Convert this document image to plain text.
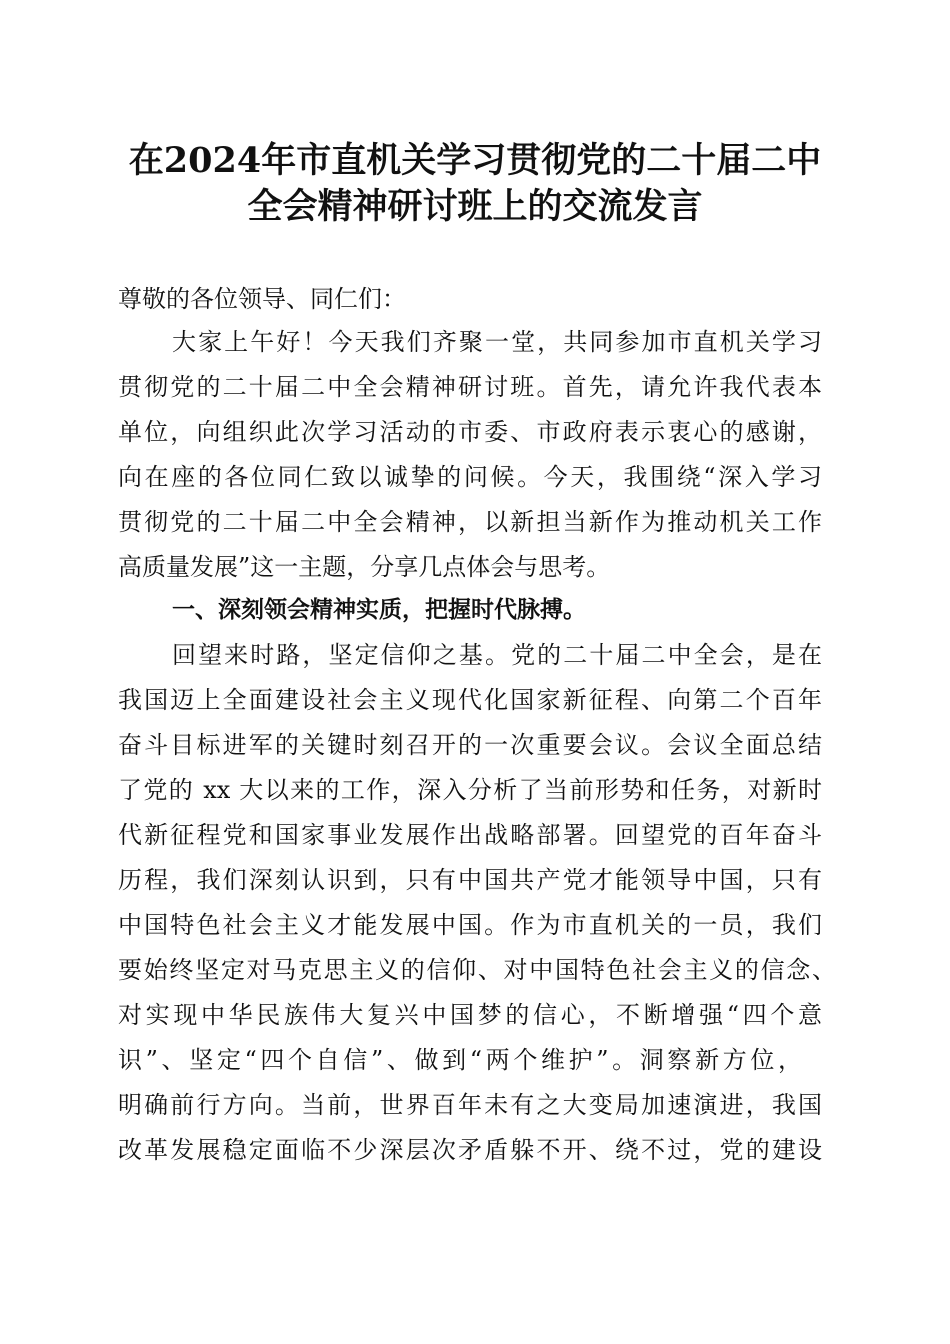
在2024年市直机关学习贯彻党的二十届二中
全会精神研讨班上的交流发言
尊敬的各位领导、同仁们：
大家上午好！今天我们齐聚一堂，共同参加市直机关学习
贯彻党的二十届二中全会精神研讨班。首先，请允许我代表本
单位，向组织此次学习活动的市委、市政府表示衷心的感谢，
向在座的各位同仁致以诚挚的问候。今天，我围绕“深入学习
贯彻党的二十届二中全会精神，以新担当新作为推动机关工作
高质量发展”这一主题，分享几点体会与思考。
一、深刻领会精神实质，把握时代脉搏。
回望来时路，坚定信仰之基。党的二十届二中全会，是在
我国迈上全面建设社会主义现代化国家新征程、向第二个百年
奋斗目标进军的关键时刻召开的一次重要会议。会议全面总结
了党的 xx 大以来的工作，深入分析了当前形势和任务，对新时
代新征程党和国家事业发展作出战略部署。回望党的百年奋斗
历程，我们深刻认识到，只有中国共产党才能领导中国，只有
中国特色社会主义才能发展中国。作为市直机关的一员，我们
要始终坚定对马克思主义的信仰、对中国特色社会主义的信念、
对实现中华民族伟大复兴中国梦的信心，不断增强“四个意
识”、坚定“四个自信”、做到“两个维护”。洞察新方位，
明确前行方向。当前，世界百年未有之大变局加速演进，我国
改革发展稳定面临不少深层次矛盾躲不开、绕不过，党的建设
